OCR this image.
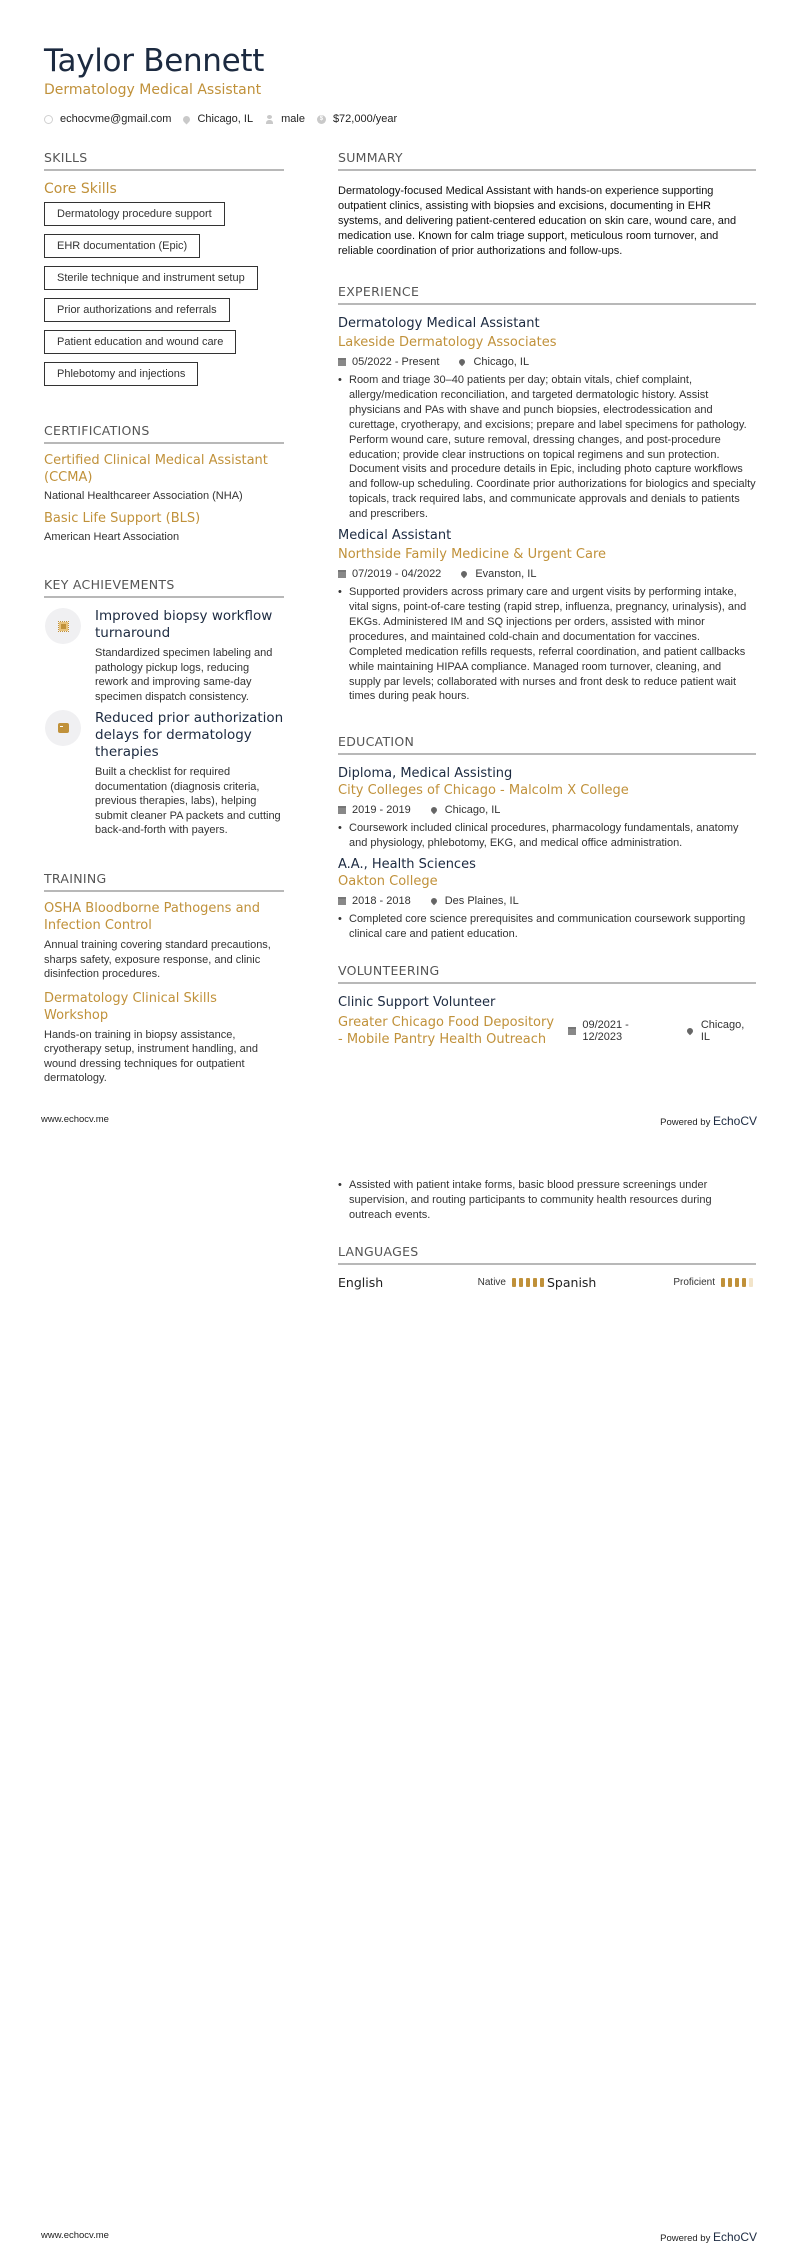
Taylor Bennett
Dermatology Medical Assistant
echocvme@gmail.com Chicago, IL	male	$ $72,000/year
SKILLS
Core Skills
Dermatology procedure support
EHR documentation (Epic)
Sterile technique and instrument setup
Prior authorizations and referrals
Patient education and wound care
Phlebotomy and injections
CERTIFICATIONS
Certified Clinical Medical Assistant (CCMA)
National Healthcareer Association (NHA)
Basic Life Support (BLS)
American Heart Association
KEY ACHIEVEMENTS
Improved biopsy workflow turnaround
Standardized specimen labeling and pathology pickup logs, reducing rework and improving same-day specimen dispatch consistency.
Reduced prior authorization delays for dermatology therapies
Built a checklist for required documentation (diagnosis criteria, previous therapies, labs), helping submit cleaner PA packets and cutting back-and-forth with payers.
TRAINING
OSHA Bloodborne Pathogens and Infection Control
Annual training covering standard precautions, sharps safety, exposure response, and clinic disinfection procedures.
Dermatology Clinical Skills Workshop
Hands-on training in biopsy assistance, cryotherapy setup, instrument handling, and wound dressing techniques for outpatient dermatology.
SUMMARY
Dermatology-focused Medical Assistant with hands-on experience supporting outpatient clinics, assisting with biopsies and excisions, documenting in EHR systems, and delivering patient-centered education on skin care, wound care, and medication use. Known for calm triage support, meticulous room turnover, and reliable coordination of prior authorizations and follow-ups.
EXPERIENCE
Dermatology Medical Assistant
Lakeside Dermatology Associates
05/2022 - Present	Chicago, IL
• Room and triage 30–40 patients per day; obtain vitals, chief complaint, allergy/medication reconciliation, and targeted dermatologic history. Assist physicians and PAs with shave and punch biopsies, electrodessication and curettage, cryotherapy, and excisions; prepare and label specimens for pathology. Perform wound care, suture removal, dressing changes, and post-procedure education; provide clear instructions on topical regimens and sun protection. Document visits and procedure details in Epic, including photo capture workflows and follow-up scheduling. Coordinate prior authorizations for biologics and specialty topicals, track required labs, and communicate approvals and denials to patients and prescribers.
Medical Assistant
Northside Family Medicine & Urgent Care
07/2019 - 04/2022	Evanston, IL
• Supported providers across primary care and urgent visits by performing intake, vital signs, point-of-care testing (rapid strep, influenza, pregnancy, urinalysis), and EKGs. Administered IM and SQ injections per orders, assisted with minor procedures, and maintained cold-chain and documentation for vaccines. Completed medication refills requests, referral coordination, and patient callbacks while maintaining HIPAA compliance. Managed room turnover, cleaning, and supply par levels; collaborated with nurses and front desk to reduce patient wait times during peak hours.
EDUCATION
Diploma, Medical Assisting
City Colleges of Chicago - Malcolm X College
2019 - 2019	Chicago, IL
• Coursework included clinical procedures, pharmacology fundamentals, anatomy and physiology, phlebotomy, EKG, and medical office administration.
A.A., Health Sciences
Oakton College
2018 - 2018	Des Plaines, IL
• Completed core science prerequisites and communication coursework supporting clinical care and patient education.
VOLUNTEERING
Clinic Support Volunteer
Greater Chicago Food Depository - Mobile Pantry Health Outreach
09/2021 - 12/2023
Chicago, IL
www.echocv.me	Powered by EchoCV
• Assisted with patient intake forms, basic blood pressure screenings under supervision, and routing participants to community health resources during outreach events.
LANGUAGES
English	Native	Spanish	Proficient
www.echocv.me	Powered by EchoCV
